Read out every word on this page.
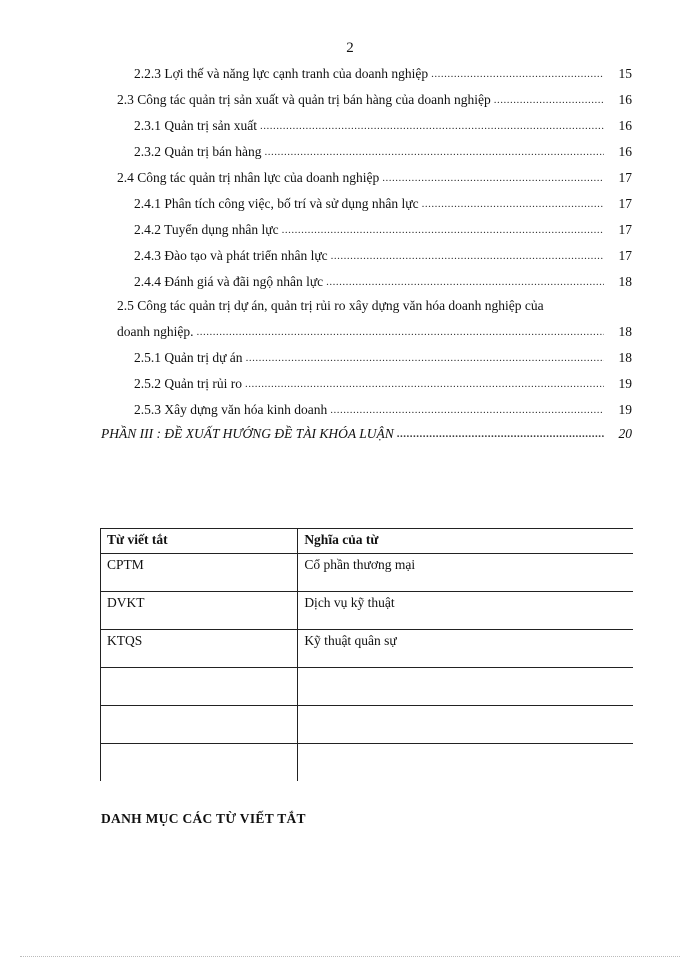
2
2.2.3 Lợi thế và năng lực cạnh tranh của doanh nghiệp .....	15
2.3 Công tác quản trị sản xuất và quản trị bán hàng của doanh nghiệp .....	16
2.3.1 Quản trị sản xuất .....	16
2.3.2 Quản trị bán hàng .....	16
2.4 Công tác quản trị nhân lực của doanh nghiệp .....	17
2.4.1 Phân tích công việc, bố trí và sử dụng nhân lực .....	17
2.4.2 Tuyển dụng nhân lực .....	17
2.4.3 Đào tạo và phát triển nhân lực .....	17
2.4.4 Đánh giá và đãi ngộ nhân lực .....	18
2.5 Công tác quản trị dự án, quản trị rủi ro xây dựng văn hóa doanh nghiệp của
doanh nghiệp. .....	18
2.5.1 Quản trị dự án .....	18
2.5.2 Quản trị rủi ro .....	19
2.5.3 Xây dựng văn hóa kinh doanh .....	19
PHẦN III : ĐỀ XUẤT HƯỚNG ĐỀ TÀI KHÓA LUẬN .....	20
Từ viết tắt	Nghĩa của từ
CPTM	Cổ phần thương mại
DVKT	Dịch vụ kỹ thuật
KTQS	Kỹ thuật quân sự

DANH MỤC CÁC TỪ VIẾT TẮT
